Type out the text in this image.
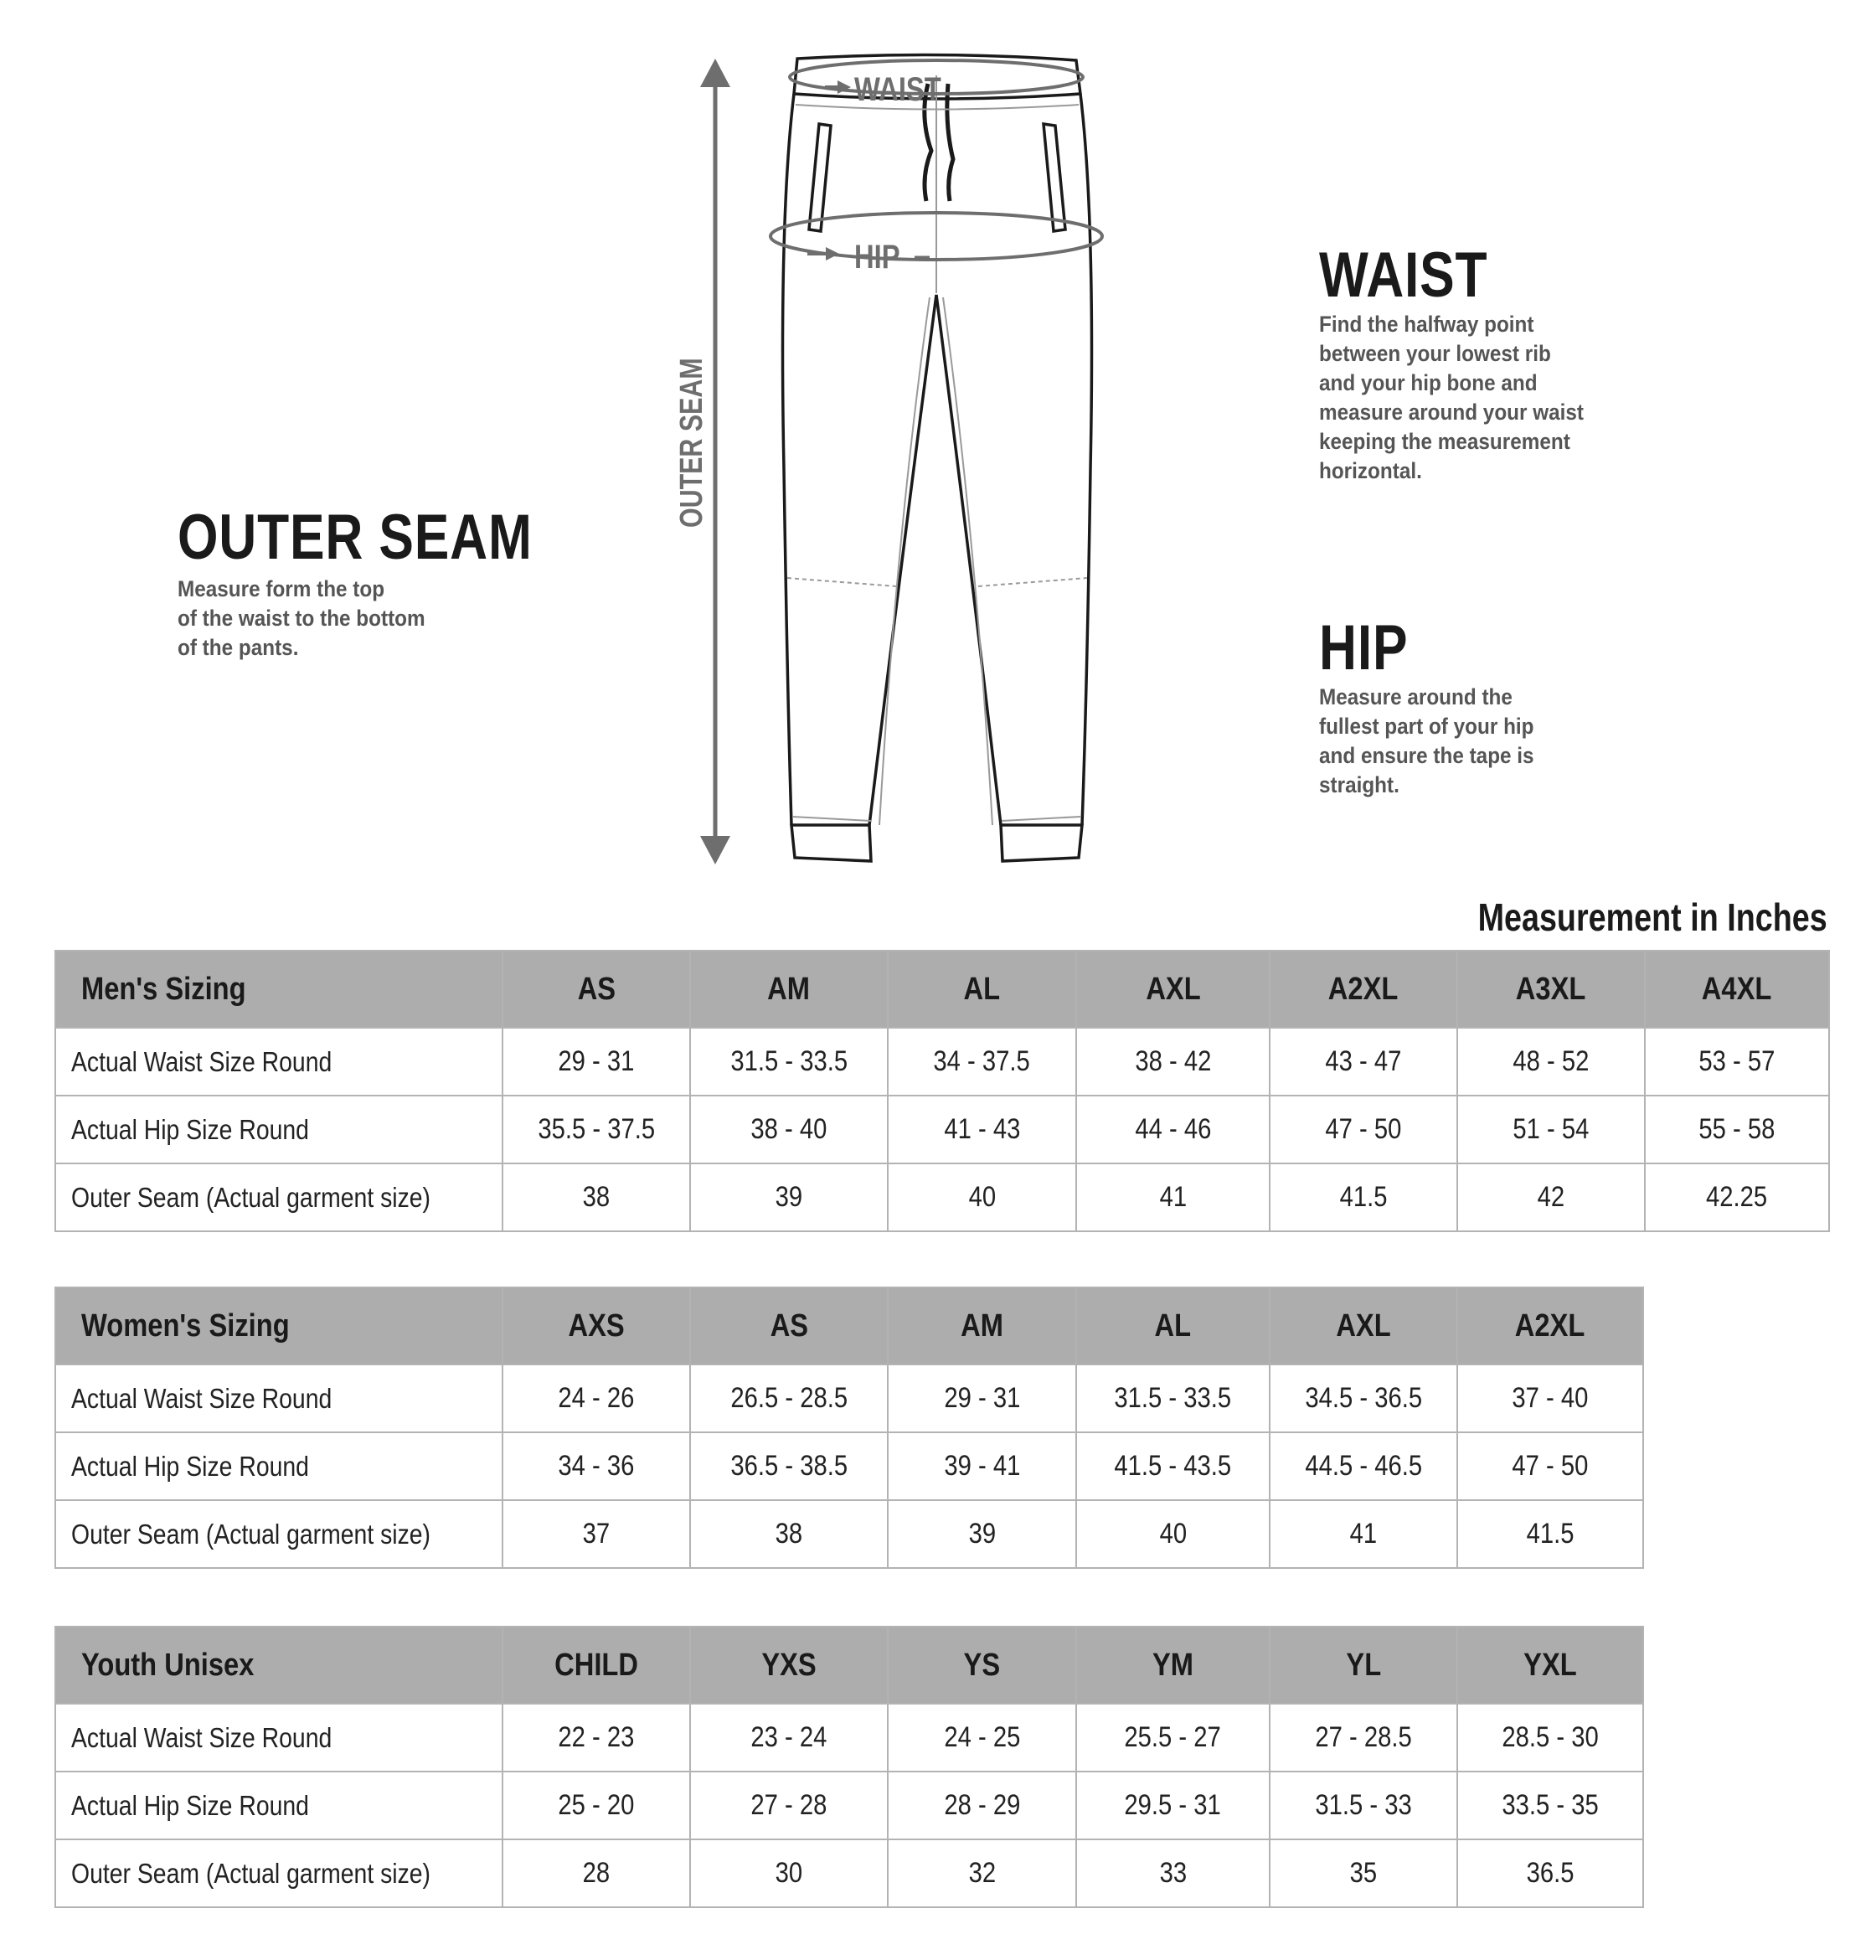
OUTER SEAM
WAIST
HIP
OUTER SEAM
Measure form the top
of the waist to the bottom
of the pants.
WAIST
Find the halfway point
between your lowest rib
and your hip bone and
measure around your waist
keeping the measurement
horizontal.
HIP
Measure around the
fullest part of your hip
and ensure the tape is
straight.
Measurement in Inches
Men's Sizing	AS	AM	AL	AXL	A2XL	A3XL	A4XL
Actual Waist Size Round	29 - 31	31.5 - 33.5	34 - 37.5	38 - 42	43 - 47	48 - 52	53 - 57
Actual Hip Size Round	35.5 - 37.5	38 - 40	41 - 43	44 - 46	47 - 50	51 - 54	55 - 58
Outer Seam (Actual garment size)	38	39	40	41	41.5	42	42.25
Women's Sizing	AXS	AS	AM	AL	AXL	A2XL
Actual Waist Size Round	24 - 26	26.5 - 28.5	29 - 31	31.5 - 33.5	34.5 - 36.5	37 - 40
Actual Hip Size Round	34 - 36	36.5 - 38.5	39 - 41	41.5 - 43.5	44.5 - 46.5	47 - 50
Outer Seam (Actual garment size)	37	38	39	40	41	41.5
Youth Unisex	CHILD	YXS	YS	YM	YL	YXL
Actual Waist Size Round	22 - 23	23 - 24	24 - 25	25.5 - 27	27 - 28.5	28.5 - 30
Actual Hip Size Round	25 - 20	27 - 28	28 - 29	29.5 - 31	31.5 - 33	33.5 - 35
Outer Seam (Actual garment size)	28	30	32	33	35	36.5
